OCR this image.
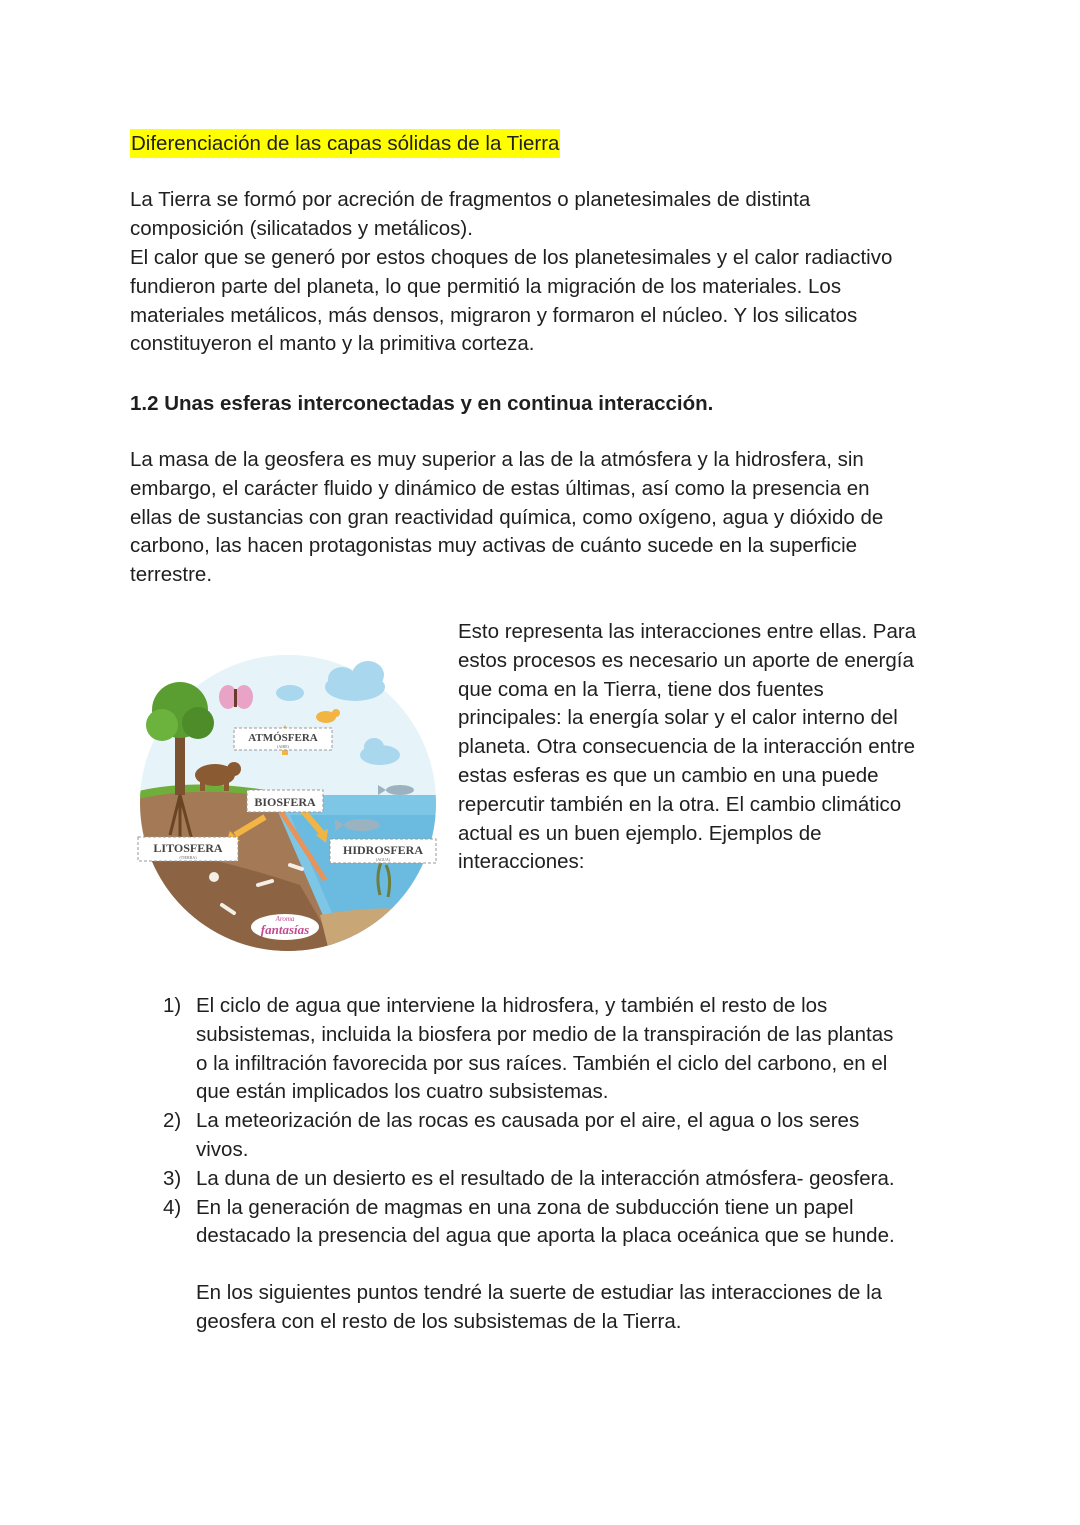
Diferenciación de las capas sólidas de la Tierra

La Tierra se formó por acreción de fragmentos o planetesimales de distinta
composición (silicatados y metálicos).

El calor que se generó por estos choques de los planetesimales y el calor radiactivo
fundieron parte del planeta, lo que permitió la migración de los materiales. Los
materiales metálicos, más densos, migraron y formaron el núcleo. Y los silicatos
constituyeron el manto y la primitiva corteza.

1.2 Unas esferas interconectadas y en continua interacción.

La masa de la geosfera es muy superior a las de la atmósfera y la hidrosfera, sin
embargo, el carácter fluido y dinámico de estas últimas, así como la presencia en
ellas de sustancias con gran reactividad química, como oxígeno, agua y dióxido de
carbono, las hacen protagonistas muy activas de cuánto sucede en la superficie
terrestre.

ATMÓSFERA
(AIRE)
BIOSFERA
LITOSFERA
(TIERRA)
HIDROSFERA
(AGUA)
Aroma
fantasías

Esto representa las interacciones entre ellas. Para
estos procesos es necesario un aporte de energía
que coma en la Tierra, tiene dos fuentes
principales: la energía solar y el calor interno del
planeta. Otra consecuencia de la interacción entre
estas esferas es que un cambio en una puede
repercutir también en la otra. El cambio climático
actual es un buen ejemplo. Ejemplos de
interacciones:

1) El ciclo de agua que interviene la hidrosfera, y también el resto de los
subsistemas, incluida la biosfera por medio de la transpiración de las plantas
o la infiltración favorecida por sus raíces. También el ciclo del carbono, en el
que están implicados los cuatro subsistemas.
2) La meteorización de las rocas es causada por el aire, el agua o los seres
vivos.
3) La duna de un desierto es el resultado de la interacción atmósfera- geosfera.
4) En la generación de magmas en una zona de subducción tiene un papel
destacado la presencia del agua que aporta la placa oceánica que se hunde.

En los siguientes puntos tendré la suerte de estudiar las interacciones de la
geosfera con el resto de los subsistemas de la Tierra.
